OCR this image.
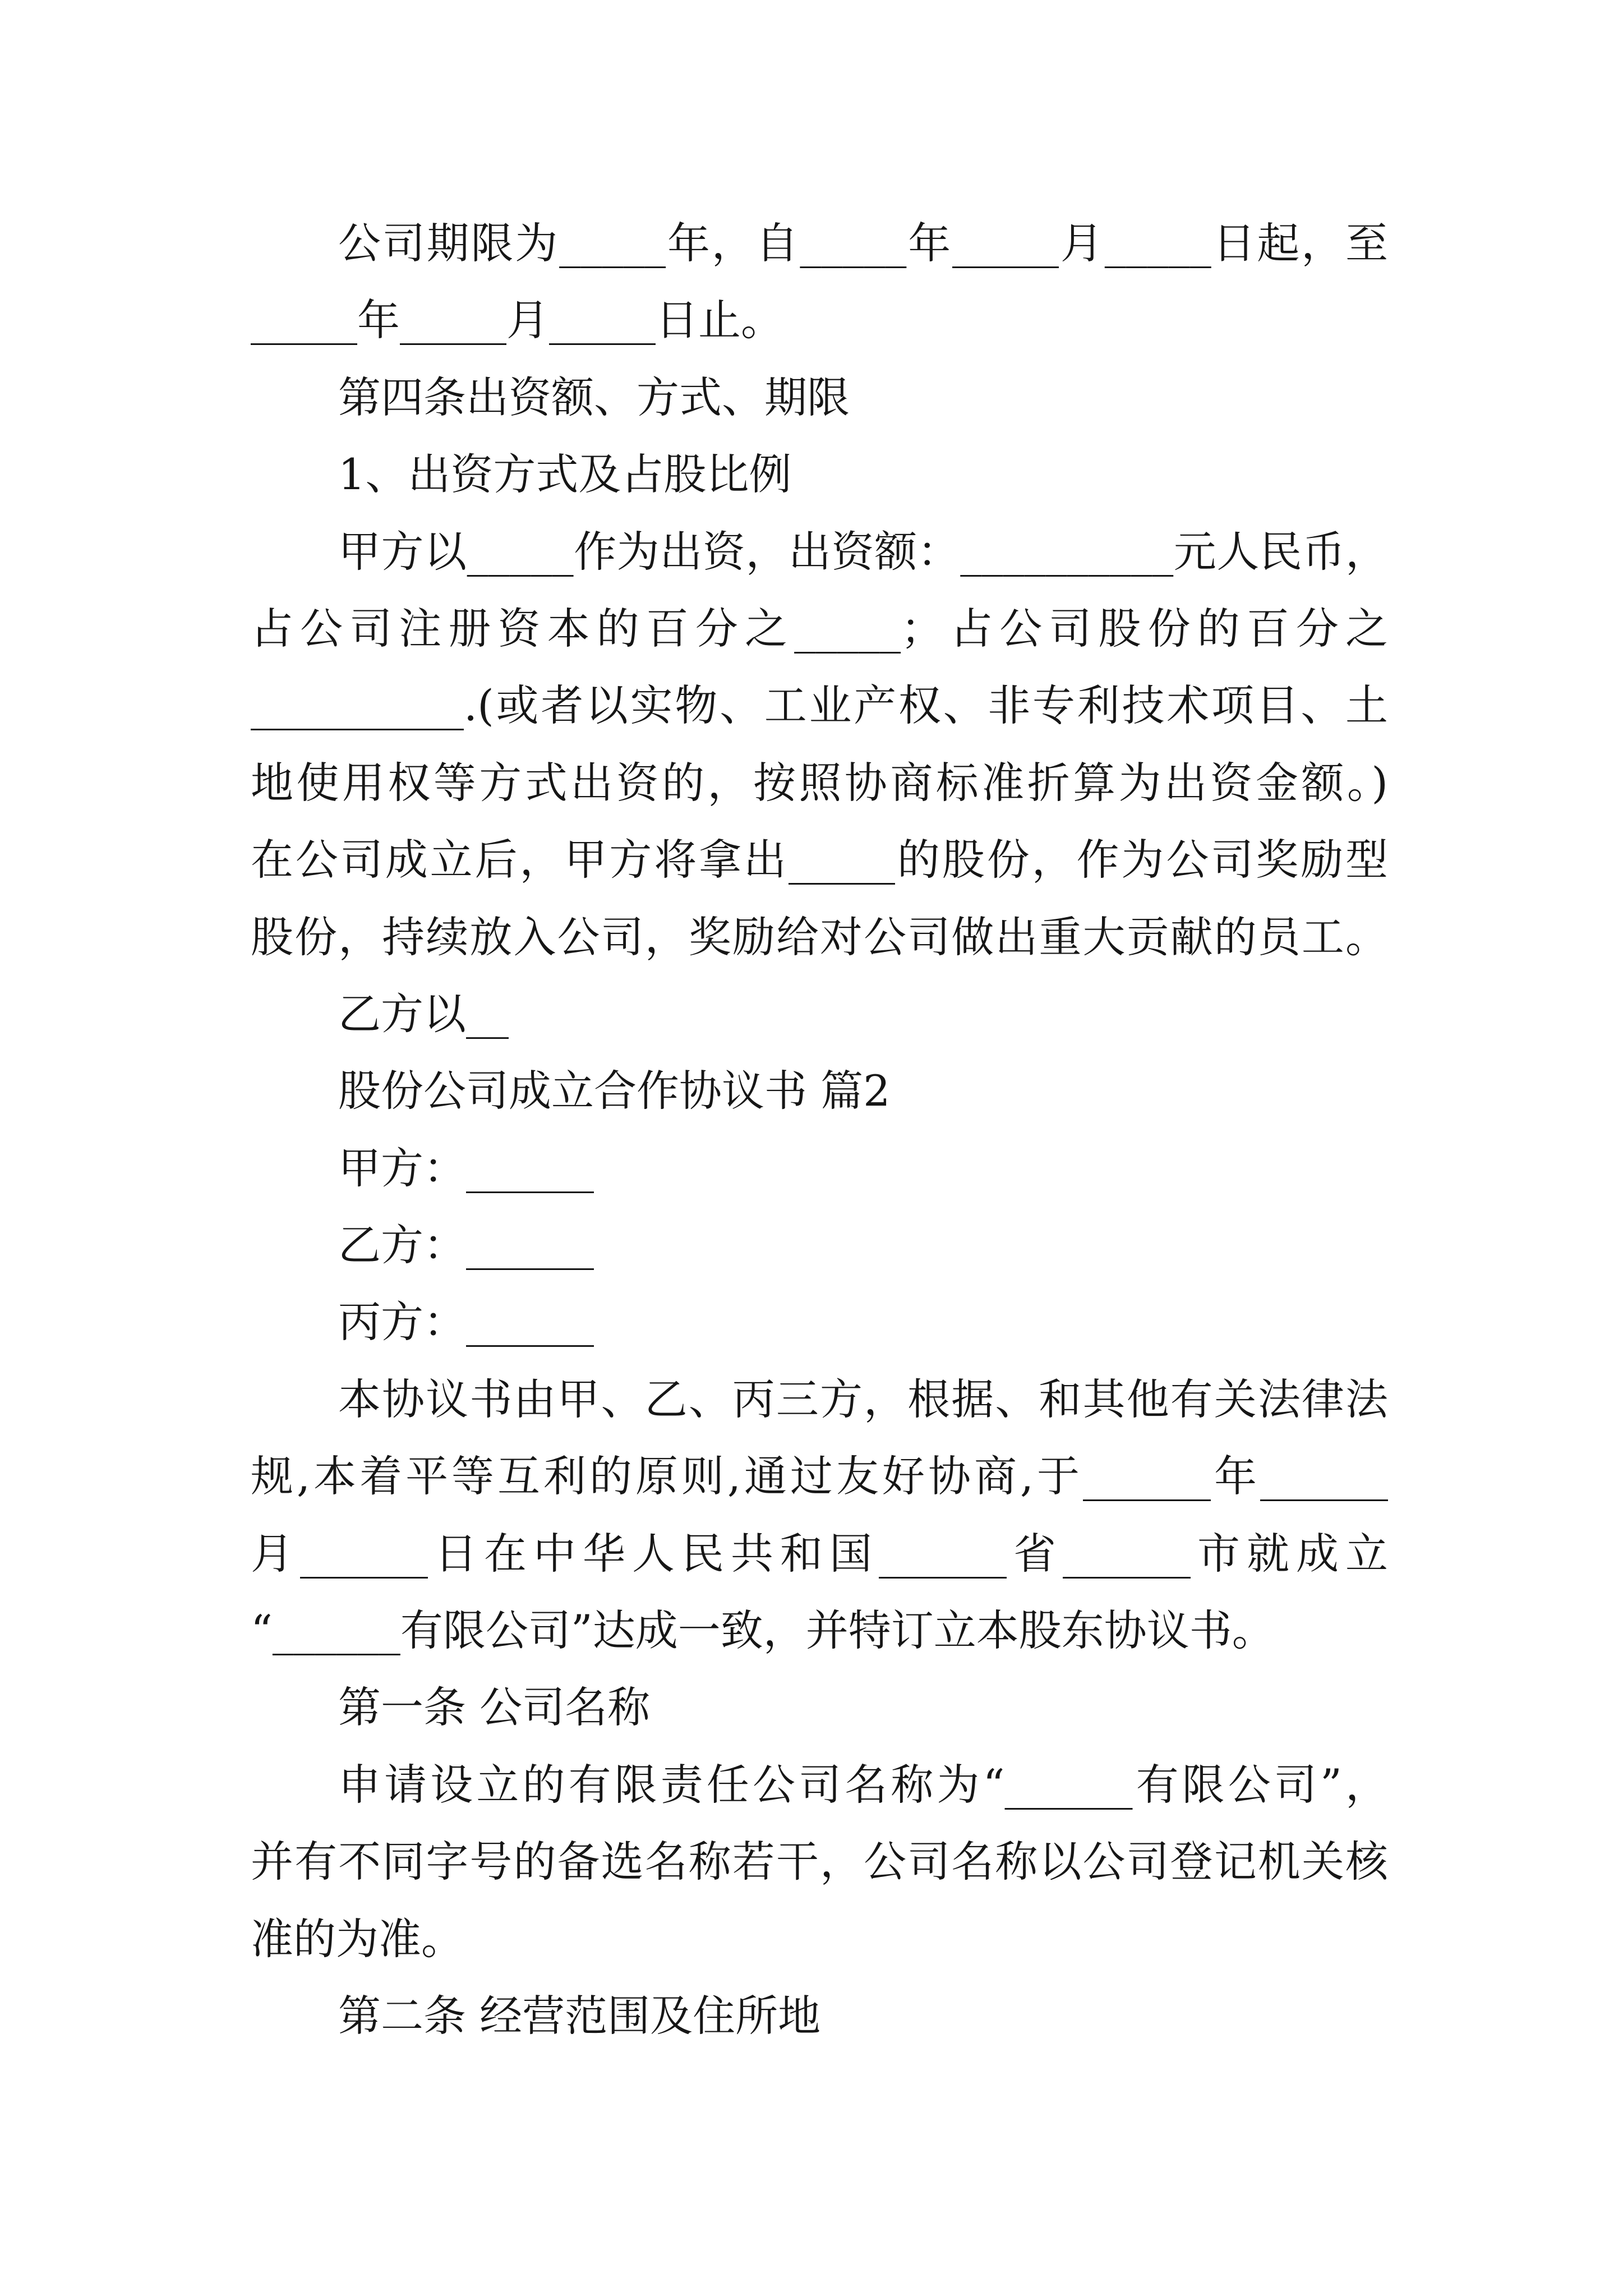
公司期限为_____年，自_____年_____月_____日起，至
_____年_____月_____日止。
第四条出资额、方式、期限
1、出资方式及占股比例
甲方以_____作为出资，出资额：__________元人民币，
占公司注册资本的百分之_____；占公司股份的百分之
__________.(或者以实物、工业产权、非专利技术项目、土
地使用权等方式出资的，按照协商标准折算为出资金额。)
在公司成立后，甲方将拿出_____的股份，作为公司奖励型
股份，持续放入公司，奖励给对公司做出重大贡献的员工。
乙方以__
股份公司成立合作协议书 篇2
甲方：______
乙方：______
丙方：______
本协议书由甲、乙、丙三方，根据、和其他有关法律法
规,本着平等互利的原则,通过友好协商,于______年______
月______日在中华人民共和国______省______市就成立
“______有限公司”达成一致，并特订立本股东协议书。
第一条 公司名称
申请设立的有限责任公司名称为“______有限公司”，
并有不同字号的备选名称若干，公司名称以公司登记机关核
准的为准。
第二条 经营范围及住所地
